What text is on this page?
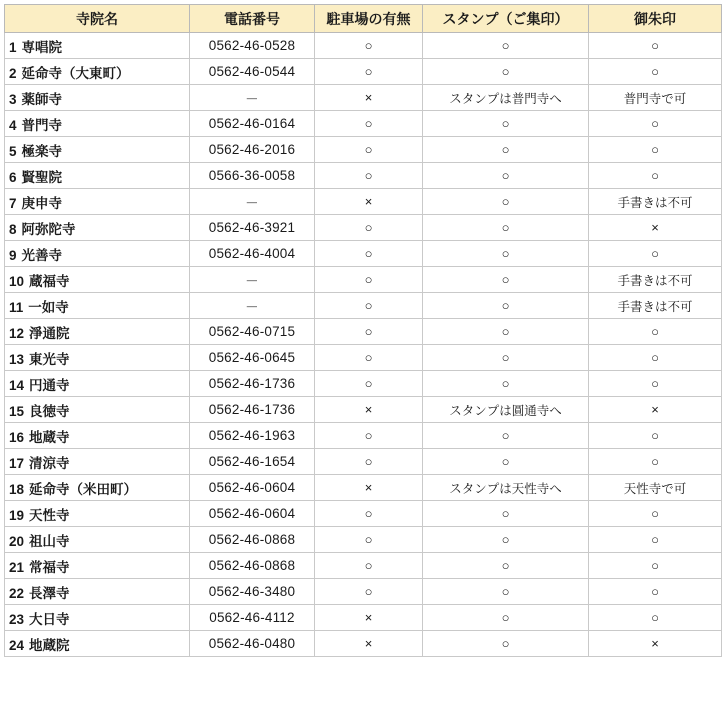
寺院名	電話番号	駐車場の有無	スタンプ（ご集印）	御朱印
1 専唱院	0562-46-0528	○	○	○
2 延命寺（大東町）	0562-46-0544	○	○	○
3 薬師寺	－	×	スタンプは普門寺へ	普門寺で可
4 普門寺	0562-46-0164	○	○	○
5 極楽寺	0562-46-2016	○	○	○
6 賢聖院	0566-36-0058	○	○	○
7 庚申寺	－	×	○	手書きは不可
8 阿弥陀寺	0562-46-3921	○	○	×
9 光善寺	0562-46-4004	○	○	○
10 蔵福寺	－	○	○	手書きは不可
11 一如寺	－	○	○	手書きは不可
12 淨通院	0562-46-0715	○	○	○
13 東光寺	0562-46-0645	○	○	○
14 円通寺	0562-46-1736	○	○	○
15 良徳寺	0562-46-1736	×	スタンプは圓通寺へ	×
16 地蔵寺	0562-46-1963	○	○	○
17 清涼寺	0562-46-1654	○	○	○
18 延命寺（米田町）	0562-46-0604	×	スタンプは天性寺へ	天性寺で可
19 天性寺	0562-46-0604	○	○	○
20 祖山寺	0562-46-0868	○	○	○
21 常福寺	0562-46-0868	○	○	○
22 長澤寺	0562-46-3480	○	○	○
23 大日寺	0562-46-4112	×	○	○
24 地蔵院	0562-46-0480	×	○	×
